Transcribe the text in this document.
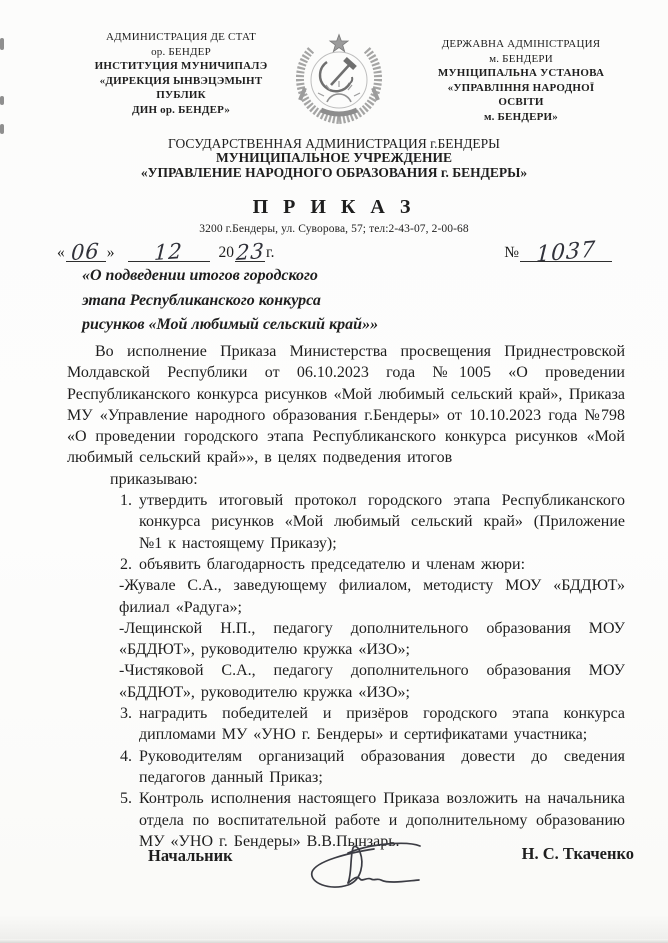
АДМИНИСТРАЦИЯ ДЕ СТАТ
ор. БЕНДЕР
ИНСТИТУЦИЯ МУНИЧИПАЛЭ
«ДИРЕКЦИЯ ЫНВЭЦЭМЫНТ
ПУБЛИК
ДИН ор. БЕНДЕР»
ДЕРЖАВНА АДМІНІСТРАЦИЯ
м. БЕНДЕРИ
МУНІЦИПАЛЬНА УСТАНОВА
«УПРАВЛІННЯ НАРОДНОЇ
ОСВІТИ
м. БЕНДЕРИ»
ГОСУДАРСТВЕННАЯ АДМИНИСТРАЦИЯ г.БЕНДЕРЫ
МУНИЦИПАЛЬНОЕ УЧРЕЖДЕНИЕ
«УПРАВЛЕНИЕ НАРОДНОГО ОБРАЗОВАНИЯ г. БЕНДЕРЫ»
П Р И К А З
3200 г.Бендеры, ул. Суворова, 57; тел:2-43-07, 2-00-68
« 06 » 12 20 23 г.	№ 1037
«О подведении итогов городского
этапа Республиканского конкурса
рисунков «Мой любимый сельский край»»
Во исполнение Приказа Министерства просвещения Приднестровской Молдавской Республики от 06.10.2023 года №1005 «О проведении Республиканского конкурса рисунков «Мой любимый сельский край», Приказа МУ «Управление народного образования г.Бендеры» от 10.10.2023 года №798 «О проведении городского этапа Республиканского конкурса рисунков «Мой любимый сельский край»», в целях подведения итогов
приказываю:
1. утвердить итоговый протокол городского этапа Республиканского конкурса рисунков «Мой любимый сельский край» (Приложение №1 к настоящему Приказу);
2. объявить благодарность председателю и членам жюри:
-Жувале С.А., заведующему филиалом, методисту МОУ «БДДЮТ» филиал «Радуга»;
-Лещинской Н.П., педагогу дополнительного образования МОУ «БДДЮТ», руководителю кружка «ИЗО»;
-Чистяковой С.А., педагогу дополнительного образования МОУ «БДДЮТ», руководителю кружка «ИЗО»;
3. наградить победителей и призёров городского этапа конкурса дипломами МУ «УНО г. Бендеры» и сертификатами участника;
4. Руководителям организаций образования довести до сведения педагогов данный Приказ;
5. Контроль исполнения настоящего Приказа возложить на начальника отдела по воспитательной работе и дополнительному образованию МУ «УНО г. Бендеры» В.В.Пынзарь.
Начальник	Н. С. Ткаченко
